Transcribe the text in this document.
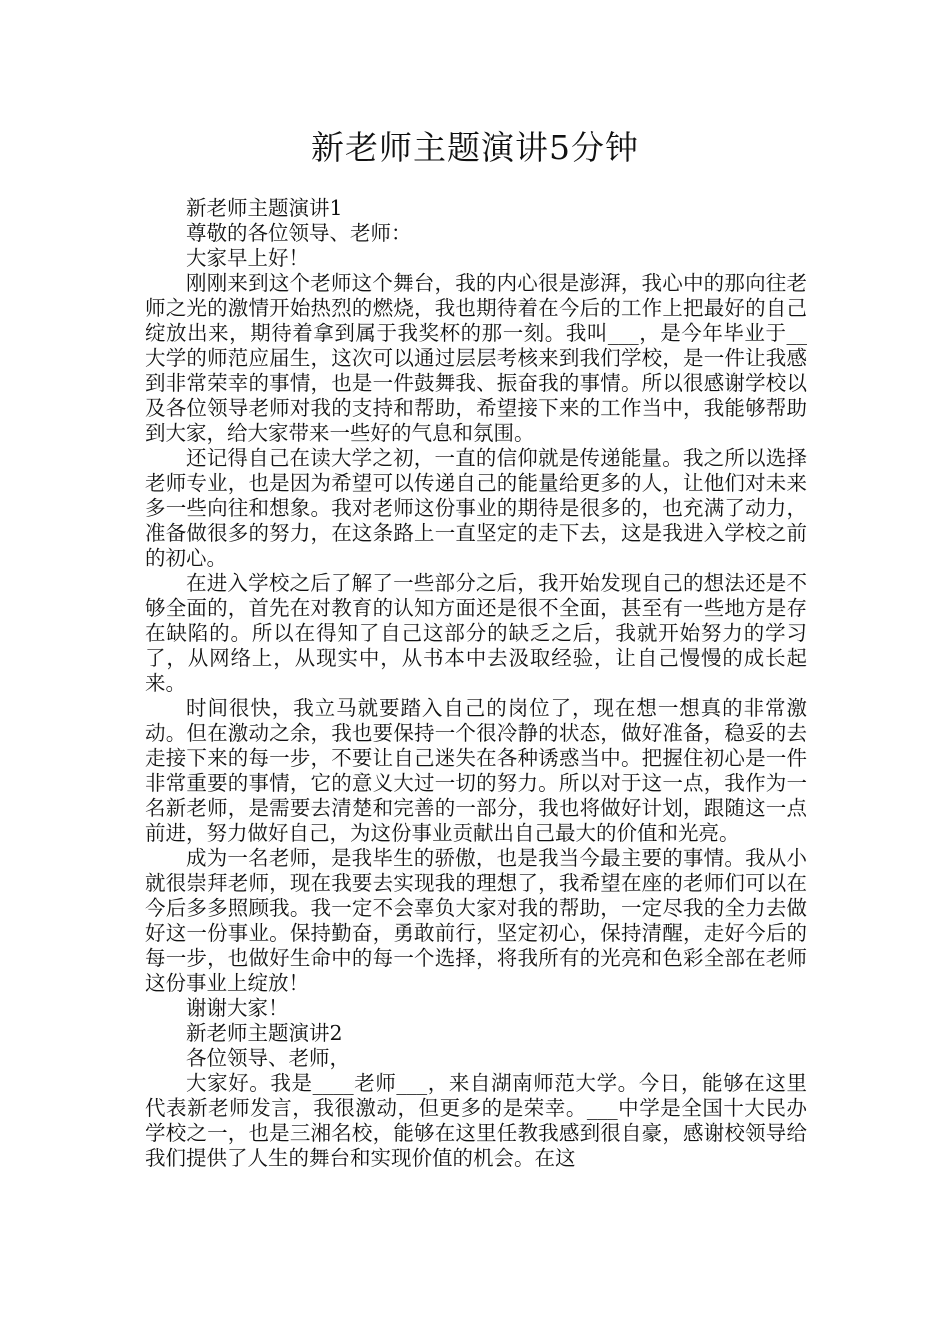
新老师主题演讲5分钟

新老师主题演讲1

尊敬的各位领导、老师：

大家早上好！

刚刚来到这个老师这个舞台，我的内心很是澎湃，我心中的那向往老师之光的激情开始热烈的燃烧，我也期待着在今后的工作上把最好的自己绽放出来，期待着拿到属于我奖杯的那一刻。我叫___，是今年毕业于__大学的师范应届生，这次可以通过层层考核来到我们学校，是一件让我感到非常荣幸的事情，也是一件鼓舞我、振奋我的事情。所以很感谢学校以及各位领导老师对我的支持和帮助，希望接下来的工作当中，我能够帮助到大家，给大家带来一些好的气息和氛围。

还记得自己在读大学之初，一直的信仰就是传递能量。我之所以选择老师专业，也是因为希望可以传递自己的能量给更多的人，让他们对未来多一些向往和想象。我对老师这份事业的期待是很多的，也充满了动力，准备做很多的努力，在这条路上一直坚定的走下去，这是我进入学校之前的初心。

在进入学校之后了解了一些部分之后，我开始发现自己的想法还是不够全面的，首先在对教育的认知方面还是很不全面，甚至有一些地方是存在缺陷的。所以在得知了自己这部分的缺乏之后，我就开始努力的学习了，从网络上，从现实中，从书本中去汲取经验，让自己慢慢的成长起来。

时间很快，我立马就要踏入自己的岗位了，现在想一想真的非常激动。但在激动之余，我也要保持一个很冷静的状态，做好准备，稳妥的去走接下来的每一步，不要让自己迷失在各种诱惑当中。把握住初心是一件非常重要的事情，它的意义大过一切的努力。所以对于这一点，我作为一名新老师，是需要去清楚和完善的一部分，我也将做好计划，跟随这一点前进，努力做好自己，为这份事业贡献出自己最大的价值和光亮。

成为一名老师，是我毕生的骄傲，也是我当今最主要的事情。我从小就很崇拜老师，现在我要去实现我的理想了，我希望在座的老师们可以在今后多多照顾我。我一定不会辜负大家对我的帮助，一定尽我的全力去做好这一份事业。保持勤奋，勇敢前行，坚定初心，保持清醒，走好今后的每一步，也做好生命中的每一个选择，将我所有的光亮和色彩全部在老师这份事业上绽放！

谢谢大家！

新老师主题演讲2

各位领导、老师，

大家好。我是____老师___，来自湖南师范大学。今日，能够在这里代表新老师发言，我很激动，但更多的是荣幸。___中学是全国十大民办学校之一，也是三湘名校，能够在这里任教我感到很自豪，感谢校领导给我们提供了人生的舞台和实现价值的机会。在这
